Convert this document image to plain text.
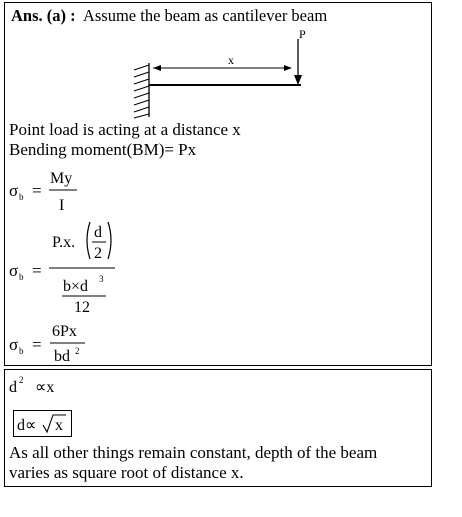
Ans. (a) : Assume the beam as cantilever beam
x
P
Point load is acting at a distance x
Bending moment(BM)= Px
σ b =
My
I
σ b =
P.x.
d
2
b×d 3
12
σ b =
6Px
bd 2
d 2 ∝x
d∝ x
As all other things remain constant, depth of the beam
varies as square root of distance x.
